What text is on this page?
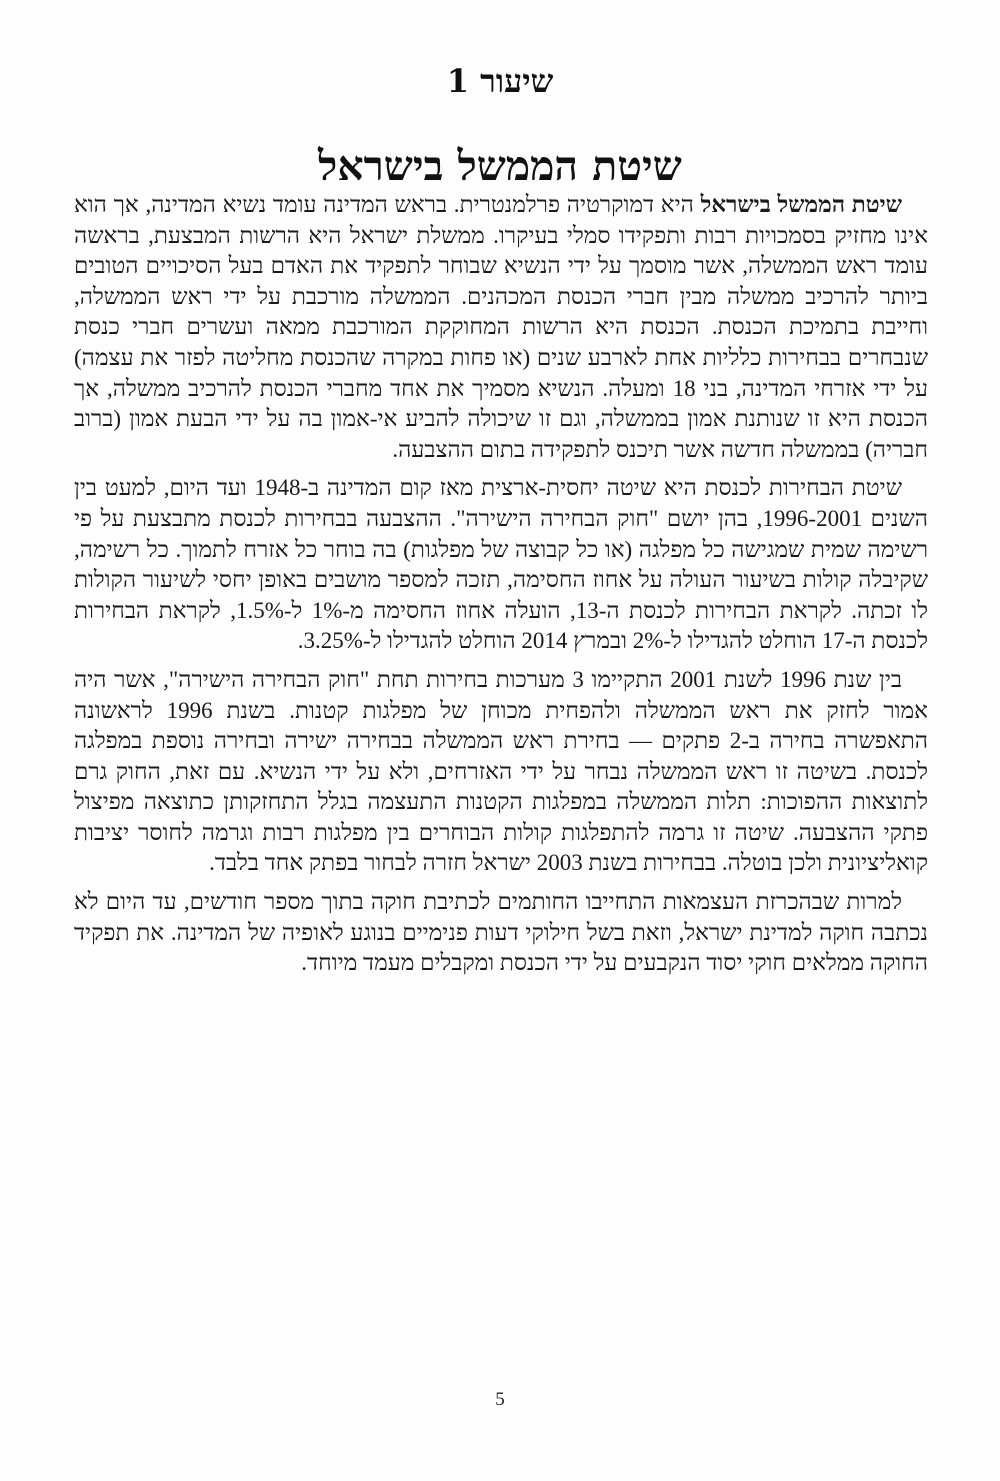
שיעור 1
שיטת הממשל בישראל

שיטת הממשל בישראל היא דמוקרטיה פרלמנטרית. בראש המדינה עומד נשיא המדינה, אך הוא אינו מחזיק בסמכויות רבות ותפקידו סמלי בעיקרו. ממשלת ישראל היא הרשות המבצעת, בראשה עומד ראש הממשלה, אשר מוסמך על ידי הנשיא שבוחר לתפקיד את האדם בעל הסיכויים הטובים ביותר להרכיב ממשלה מבין חברי הכנסת המכהנים. הממשלה מורכבת על ידי ראש הממשלה, וחייבת בתמיכת הכנסת. הכנסת היא הרשות המחוקקת המורכבת ממאה ועשרים חברי כנסת שנבחרים בבחירות כלליות אחת לארבע שנים (או פחות במקרה שהכנסת מחליטה לפזר את עצמה) על ידי אזרחי המדינה, בני 18 ומעלה. הנשיא מסמיך את אחד מחברי הכנסת להרכיב ממשלה, אך הכנסת היא זו שנותנת אמון בממשלה, וגם זו שיכולה להביע אי-אמון בה על ידי הבעת אמון (ברוב חבריה) בממשלה חדשה אשר תיכנס לתפקידה בתום ההצבעה.

שיטת הבחירות לכנסת היא שיטה יחסית-ארצית מאז קום המדינה ב-1948 ועד היום, למעט בין השנים 1996-2001, בהן יושם "חוק הבחירה הישירה". ההצבעה בבחירות לכנסת מתבצעת על פי רשימה שמית שמגישה כל מפלגה (או כל קבוצה של מפלגות) בה בוחר כל אזרח לתמוך. כל רשימה, שקיבלה קולות בשיעור העולה על אחוז החסימה, תזכה למספר מושבים באופן יחסי לשיעור הקולות לו זכתה. לקראת הבחירות לכנסת ה-13, הועלה אחוז החסימה מ-1% ל-1.5%, לקראת הבחירות לכנסת ה-17 הוחלט להגדילו ל-2% ובמרץ 2014 הוחלט להגדילו ל-3.25%.

בין שנת 1996 לשנת 2001 התקיימו 3 מערכות בחירות תחת "חוק הבחירה הישירה", אשר היה אמור לחזק את ראש הממשלה ולהפחית מכוחן של מפלגות קטנות. בשנת 1996 לראשונה התאפשרה בחירה ב-2 פתקים — בחירת ראש הממשלה בבחירה ישירה ובחירה נוספת במפלגה לכנסת. בשיטה זו ראש הממשלה נבחר על ידי האזרחים, ולא על ידי הנשיא. עם זאת, החוק גרם לתוצאות ההפוכות: תלות הממשלה במפלגות הקטנות התעצמה בגלל התחזקותן כתוצאה מפיצול פתקי ההצבעה. שיטה זו גרמה להתפלגות קולות הבוחרים בין מפלגות רבות וגרמה לחוסר יציבות קואליציונית ולכן בוטלה. בבחירות בשנת 2003 ישראל חזרה לבחור בפתק אחד בלבד.

למרות שבהכרזת העצמאות התחייבו החותמים לכתיבת חוקה בתוך מספר חודשים, עד היום לא נכתבה חוקה למדינת ישראל, וזאת בשל חילוקי דעות פנימיים בנוגע לאופיה של המדינה. את תפקיד החוקה ממלאים חוקי יסוד הנקבעים על ידי הכנסת ומקבלים מעמד מיוחד.

5
